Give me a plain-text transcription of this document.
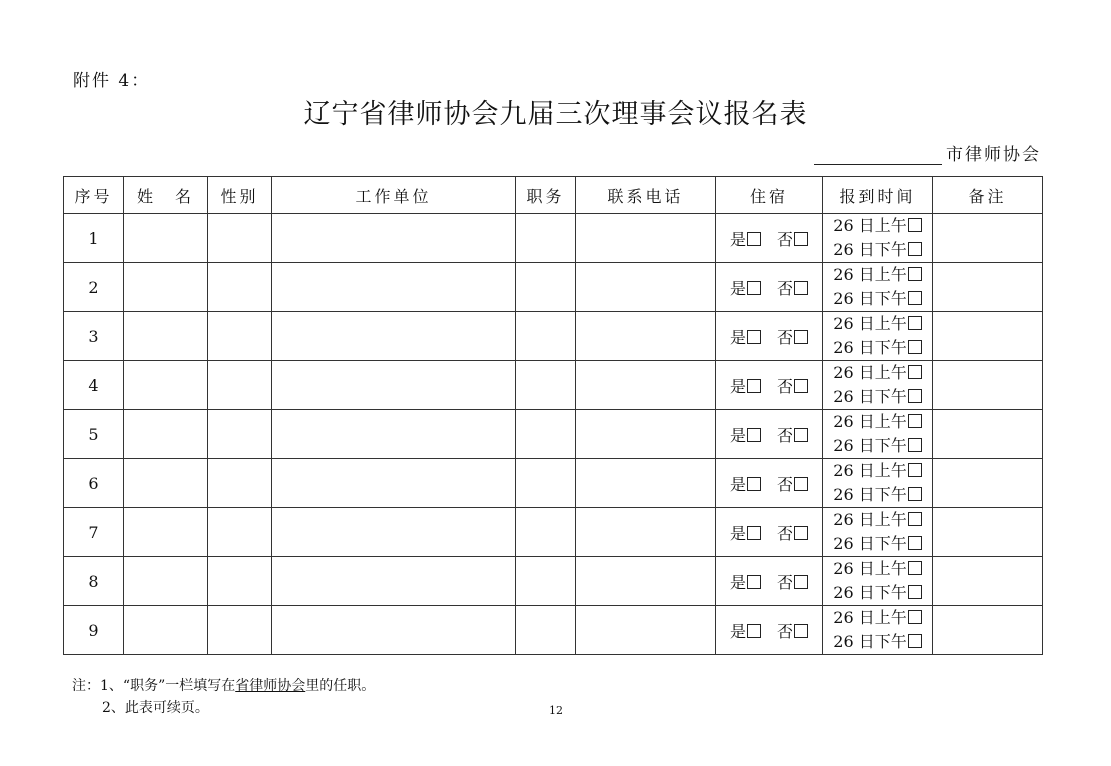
附件 4：
辽宁省律师协会九届三次理事会议报名表
市律师协会
序号	姓　名	性别	工作单位	职务	联系电话	住宿	报到时间	备注
1						是 否	26 日上午
26 日下午	

2						是 否	26 日上午
26 日下午	

3						是 否	26 日上午
26 日下午	

4						是 否	26 日上午
26 日下午	

5						是 否	26 日上午
26 日下午	

6						是 否	26 日上午
26 日下午	

7						是 否	26 日上午
26 日下午	

8						是 否	26 日上午
26 日下午	

9						是 否	26 日上午
26 日下午	

注：1、“职务”一栏填写在省律师协会里的任职。
2、此表可续页。	12
